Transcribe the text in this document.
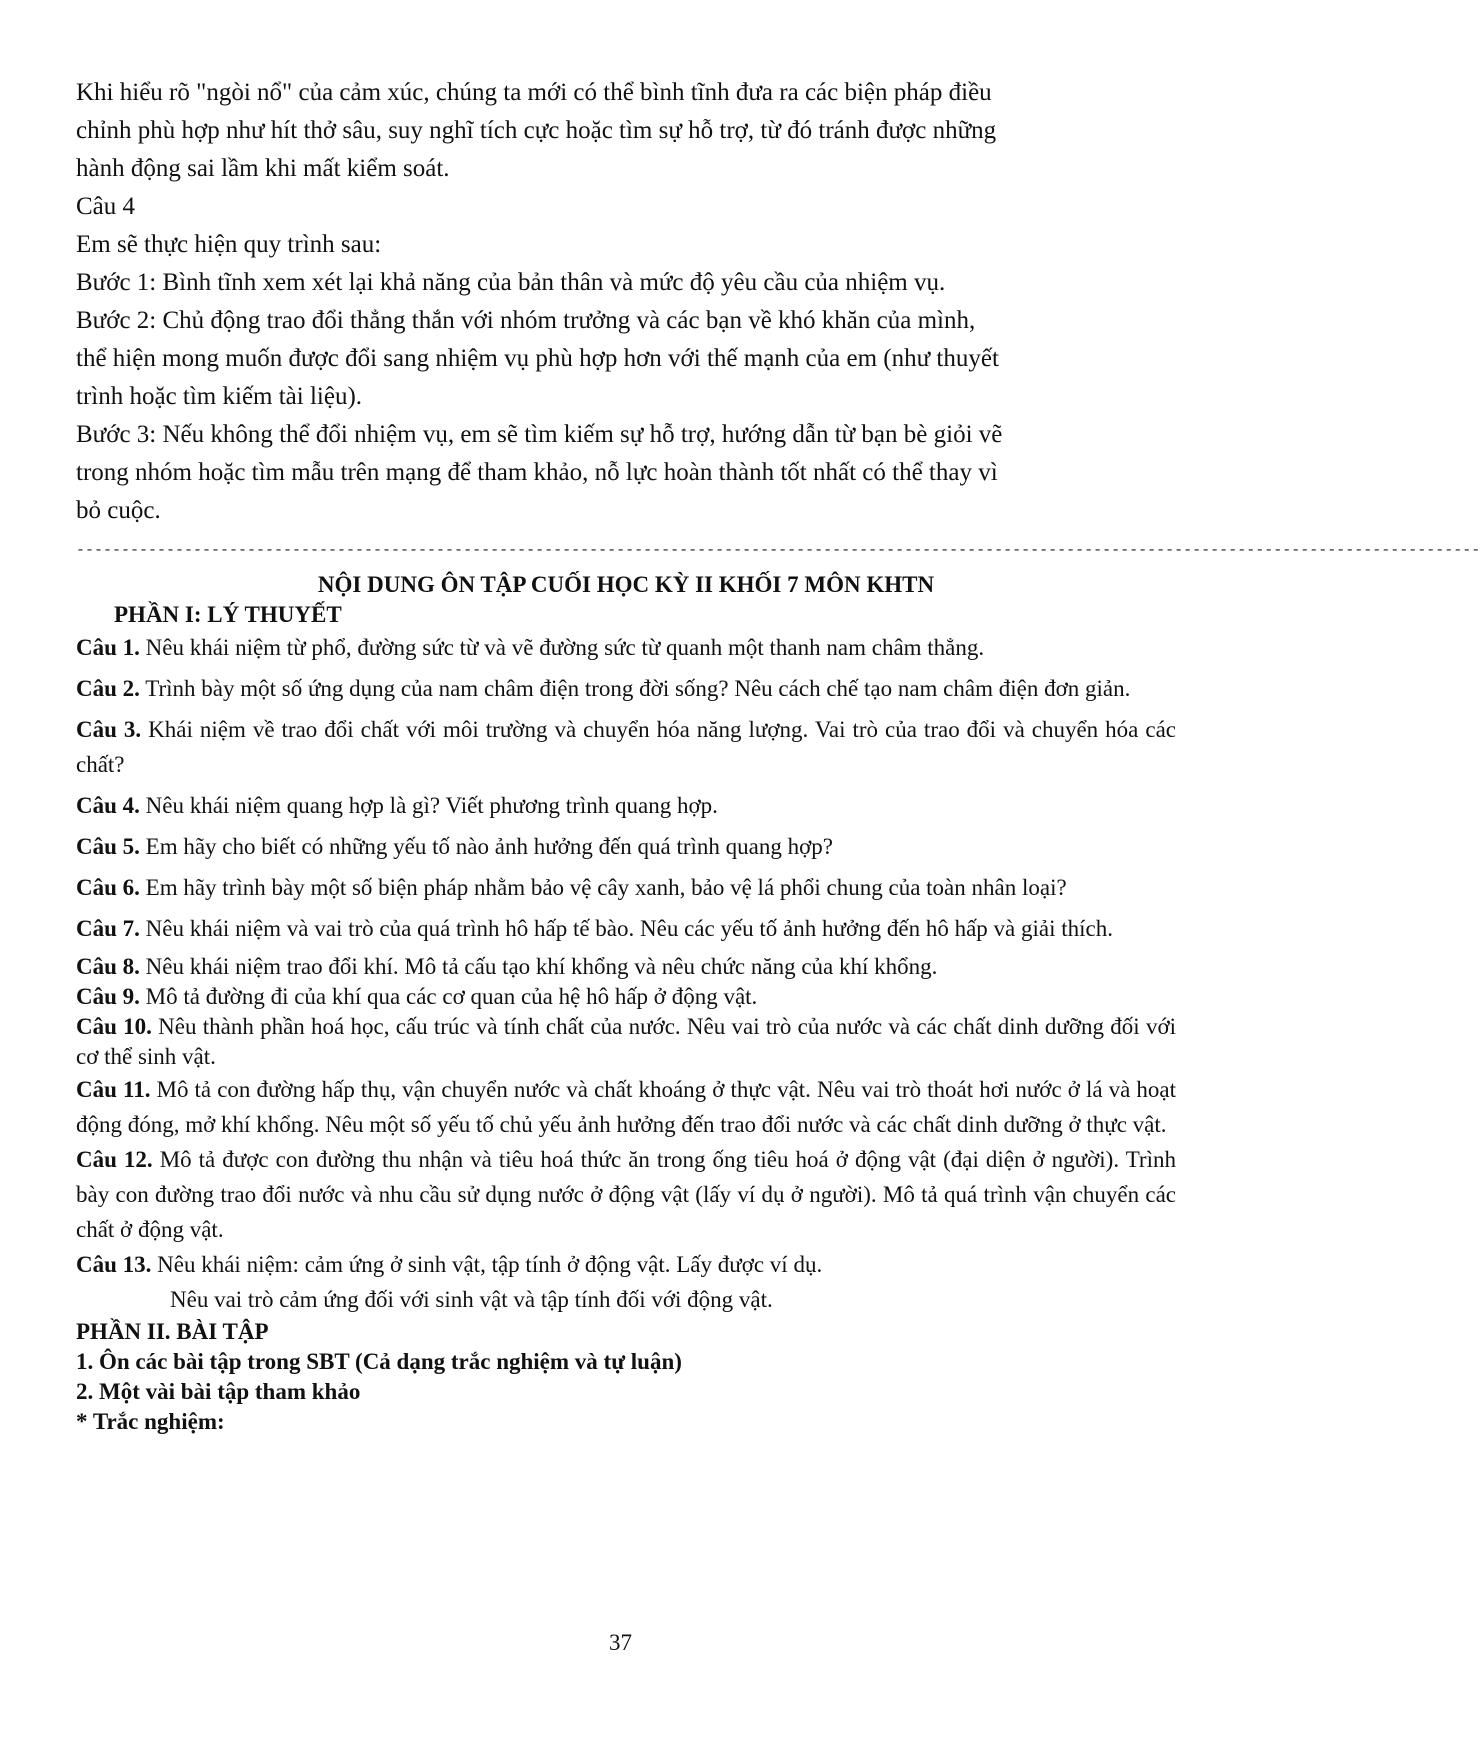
Khi hiểu rõ "ngòi nổ" của cảm xúc, chúng ta mới có thể bình tĩnh đưa ra các biện pháp điều

chỉnh phù hợp như hít thở sâu, suy nghĩ tích cực hoặc tìm sự hỗ trợ, từ đó tránh được những

hành động sai lầm khi mất kiểm soát.

Câu 4

Em sẽ thực hiện quy trình sau:

Bước 1: Bình tĩnh xem xét lại khả năng của bản thân và mức độ yêu cầu của nhiệm vụ.

Bước 2: Chủ động trao đổi thẳng thắn với nhóm trưởng và các bạn về khó khăn của mình,

thể hiện mong muốn được đổi sang nhiệm vụ phù hợp hơn với thế mạnh của em (như thuyết

trình hoặc tìm kiếm tài liệu).

Bước 3: Nếu không thể đổi nhiệm vụ, em sẽ tìm kiếm sự hỗ trợ, hướng dẫn từ bạn bè giỏi vẽ

trong nhóm hoặc tìm mẫu trên mạng để tham khảo, nỗ lực hoàn thành tốt nhất có thể thay vì

bỏ cuộc.

------------------------------------------------------------------------------------------------------------------------------------------------------------
NỘI DUNG ÔN TẬP CUỐI HỌC KỲ II KHỐI 7 MÔN KHTN

PHẦN I: LÝ THUYẾT

Câu 1. Nêu khái niệm từ phổ, đường sức từ và vẽ đường sức từ quanh một thanh nam châm thẳng.

Câu 2. Trình bày một số ứng dụng của nam châm điện trong đời sống? Nêu cách chế tạo nam châm điện đơn giản.

Câu 3. Khái niệm về trao đổi chất với môi trường và chuyển hóa năng lượng. Vai trò của trao đổi và chuyển hóa các chất?

Câu 4. Nêu khái niệm quang hợp là gì? Viết phương trình quang hợp.

Câu 5. Em hãy cho biết có những yếu tố nào ảnh hưởng đến quá trình quang hợp?

Câu 6. Em hãy trình bày một số biện pháp nhằm bảo vệ cây xanh, bảo vệ lá phổi chung của toàn nhân loại?

Câu 7. Nêu khái niệm và vai trò của quá trình hô hấp tế bào. Nêu các yếu tố ảnh hưởng đến hô hấp và giải thích.

Câu 8. Nêu khái niệm trao đổi khí. Mô tả cấu tạo khí khổng và nêu chức năng của khí khổng.

Câu 9. Mô tả đường đi của khí qua các cơ quan của hệ hô hấp ở động vật.

Câu 10. Nêu thành phần hoá học, cấu trúc và tính chất của nước. Nêu vai trò của nước và các chất dinh dưỡng đối với cơ thể sinh vật.

Câu 11. Mô tả con đường hấp thụ, vận chuyển nước và chất khoáng ở thực vật. Nêu vai trò thoát hơi nước ở lá và hoạt động đóng, mở khí khổng. Nêu một số yếu tố chủ yếu ảnh hưởng đến trao đổi nước và các chất dinh dưỡng ở thực vật.

Câu 12. Mô tả được con đường thu nhận và tiêu hoá thức ăn trong ống tiêu hoá ở động vật (đại diện ở người). Trình bày con đường trao đổi nước và nhu cầu sử dụng nước ở động vật (lấy ví dụ ở người). Mô tả quá trình vận chuyển các chất ở động vật.

Câu 13. Nêu khái niệm: cảm ứng ở sinh vật, tập tính ở động vật. Lấy được ví dụ.

Nêu vai trò cảm ứng đối với sinh vật và tập tính đối với động vật.

PHẦN II. BÀI TẬP

1. Ôn các bài tập trong SBT (Cả dạng trắc nghiệm và tự luận)

2. Một vài bài tập tham khảo

* Trắc nghiệm:

37
